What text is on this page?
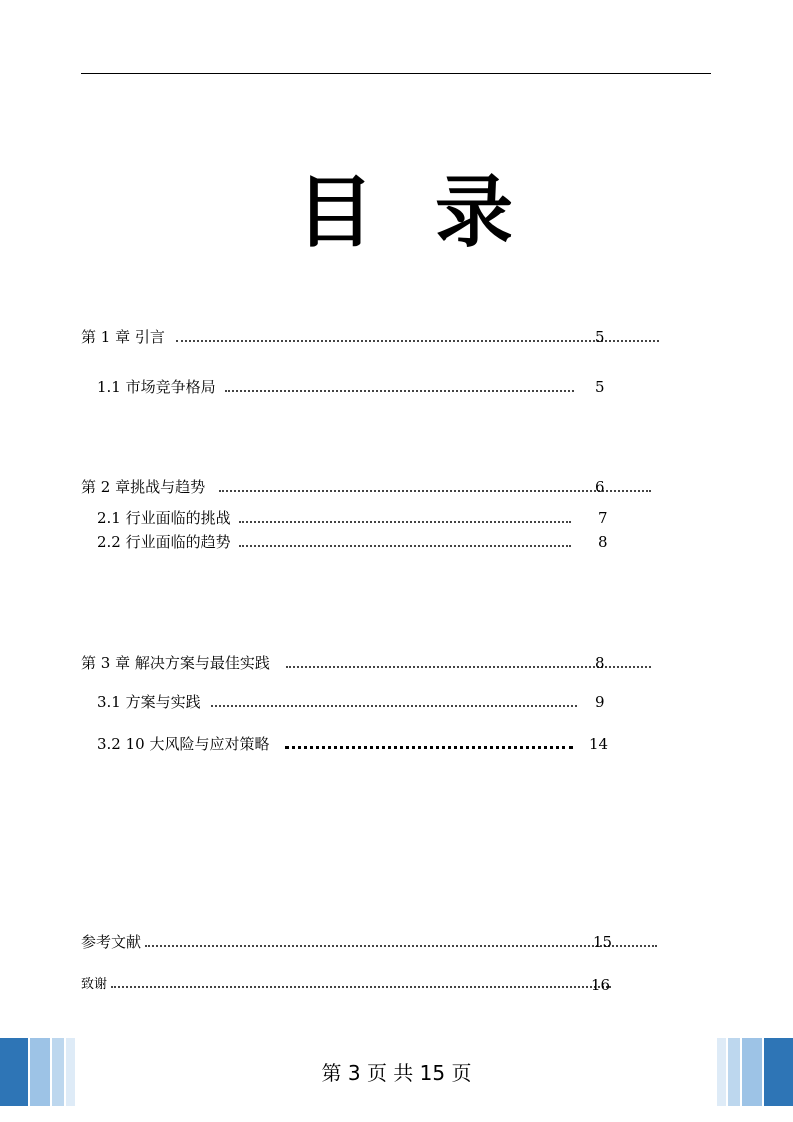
目 录
第 1 章 引言	5
1.1 市场竞争格局	5
第 2 章挑战与趋势	6
2.1 行业面临的挑战	7
2.2 行业面临的趋势	8
第 3 章 解决方案与最佳实践	8
3.1 方案与实践	9
3.2 10 大风险与应对策略	14
参考文献	15
致谢	16
第 3 页 共 15 页
